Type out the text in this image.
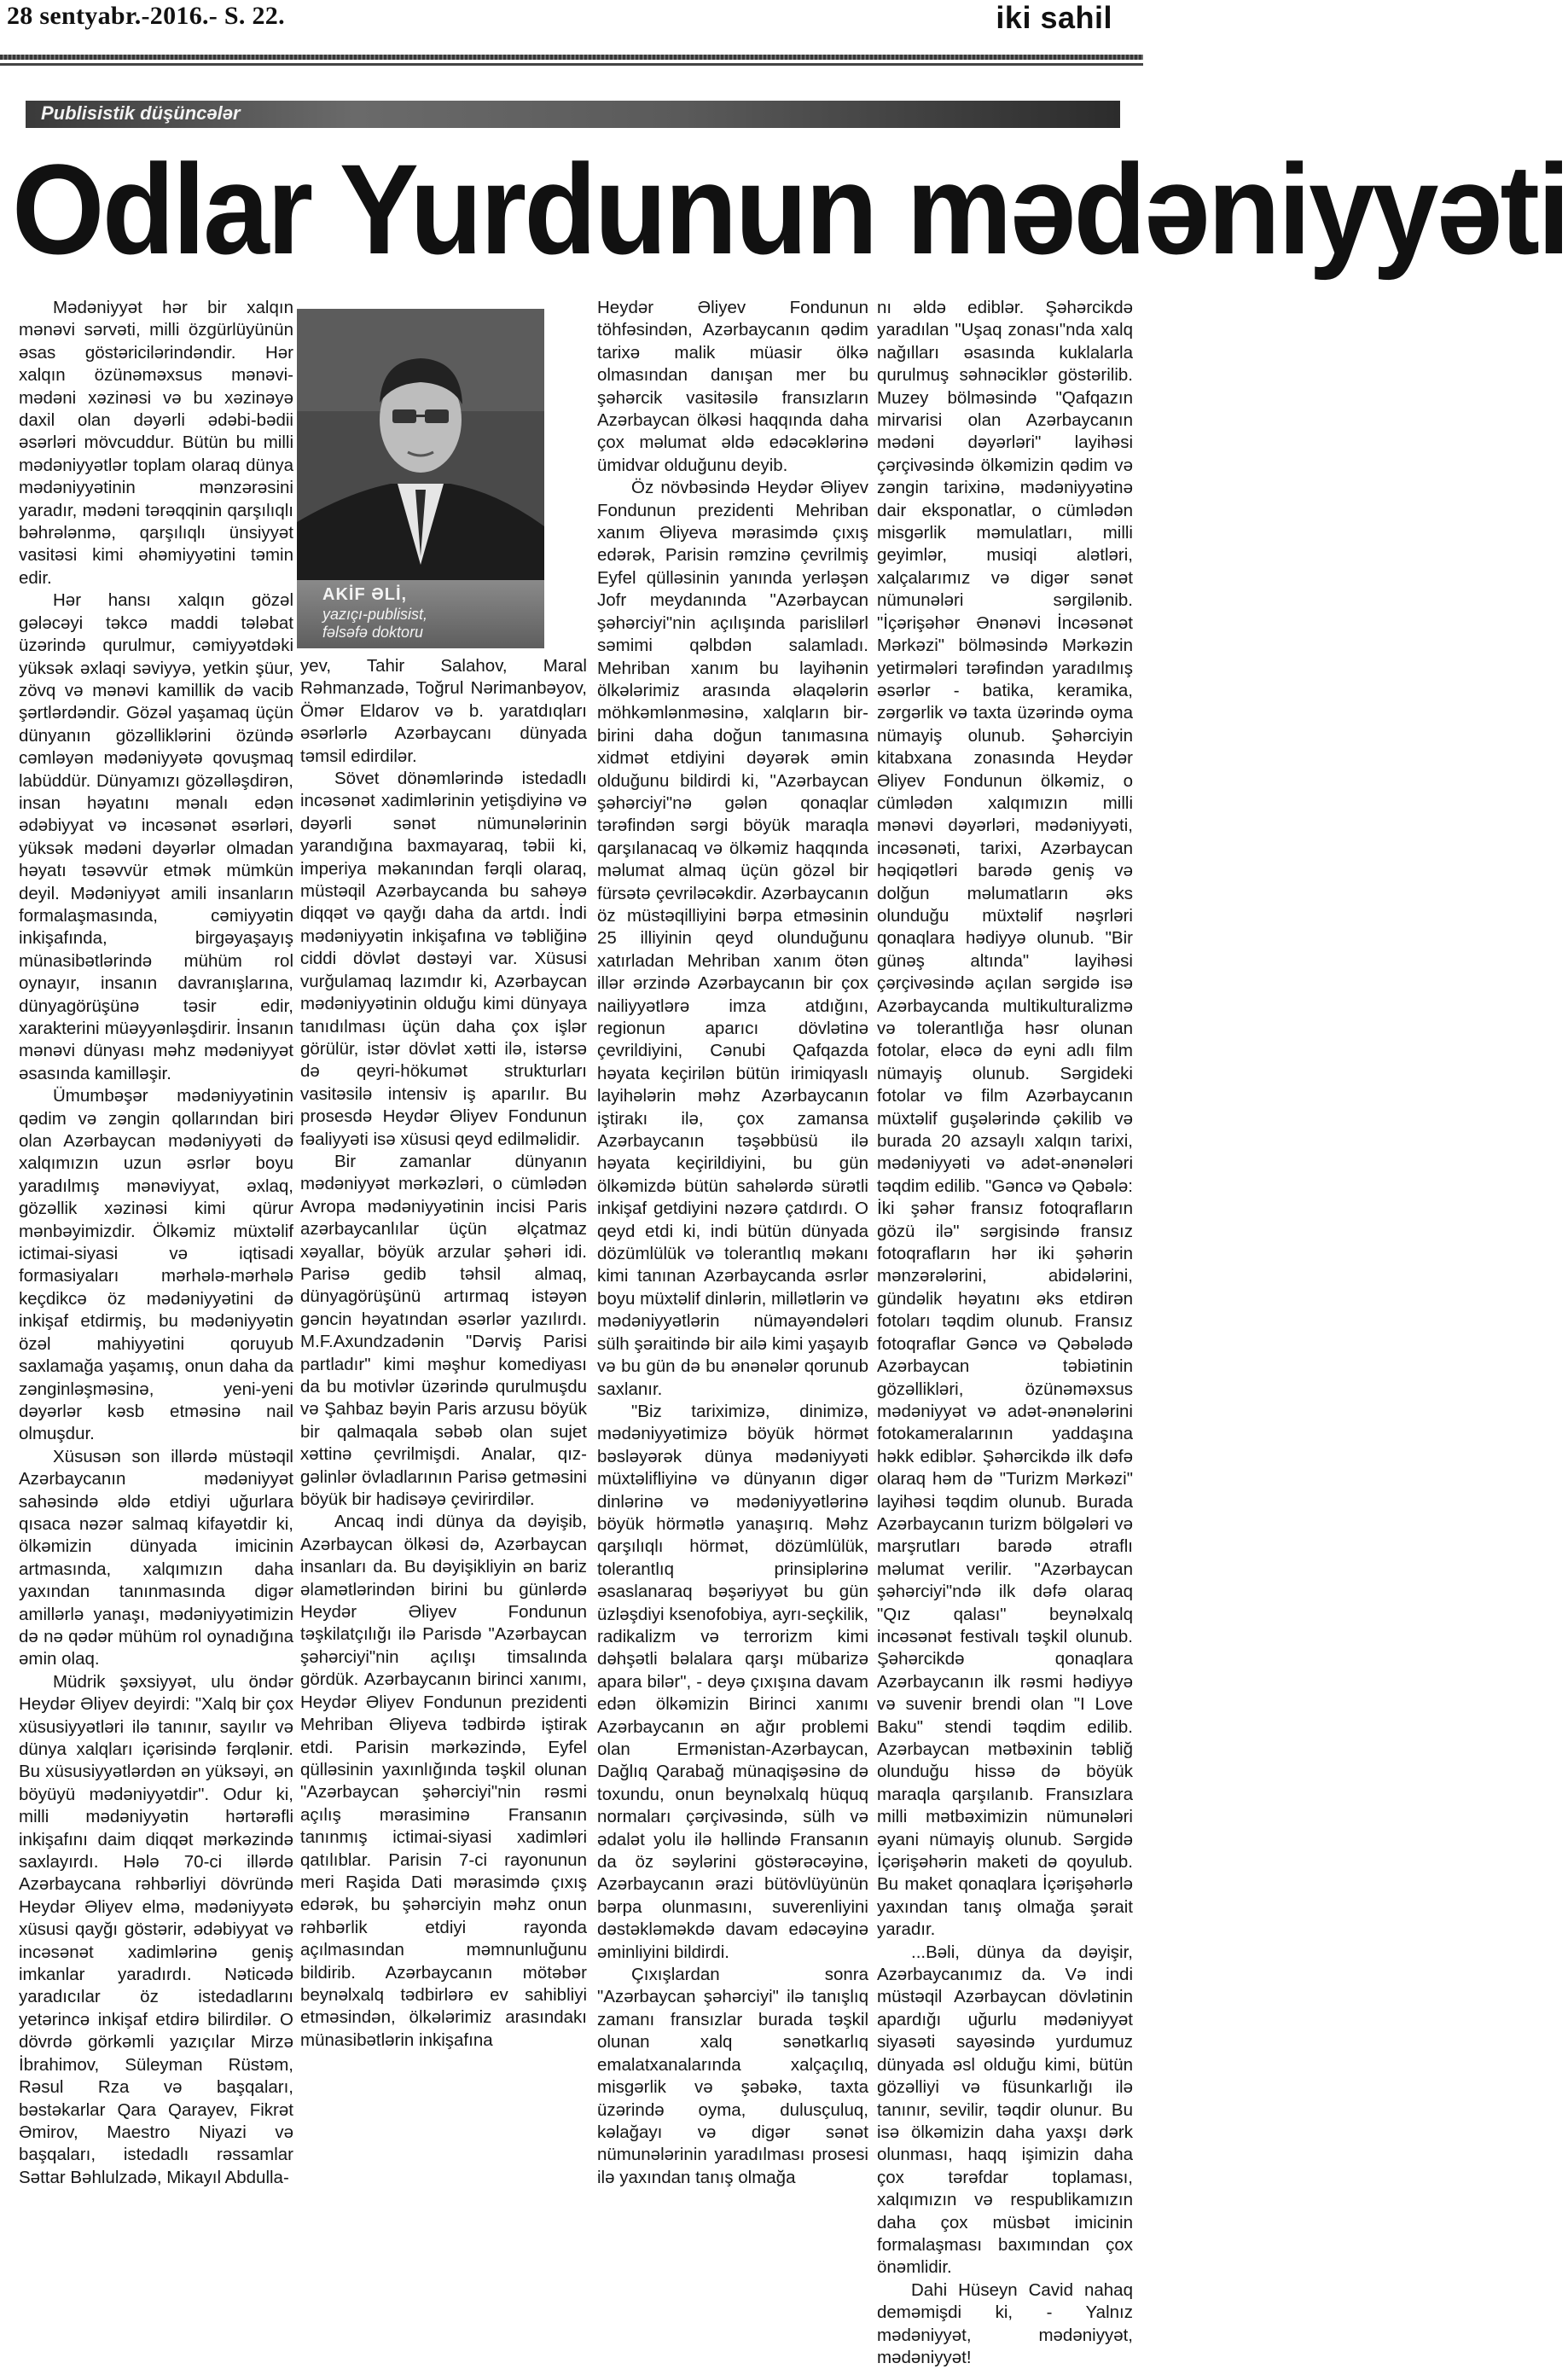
28 sentyabr.-2016.- S. 22.	iki sahil
Publisistik düşüncələr
Odlar Yurdunun mədəniyyəti

Mədəniyyət hər bir xalqın mənəvi sərvəti, milli özgürlüyünün əsas göstəricilərindəndir. Hər xalqın özünəməxsus mənəvi-mədəni xəzinəsi və bu xəzinəyə daxil olan dəyərli ədəbi-bədii əsərləri mövcuddur. Bütün bu milli mədəniyyətlər toplam olaraq dünya mədəniyyətinin mənzərəsini yaradır, mədəni tərəqqinin qarşılıqlı bəhrələnmə, qarşılıqlı ünsiyyət vasitəsi kimi əhəmiyyətini təmin edir.

Hər hansı xalqın gözəl gələcəyi təkcə maddi tələbat üzərində qurulmur, cəmiyyətdəki yüksək əxlaqi səviyyə, yetkin şüur, zövq və mənəvi kamillik də vacib şərtlərdəndir. Gözəl yaşamaq üçün dünyanın gözəlliklərini özündə cəmləyən mədəniyyətə qovuşmaq labüddür. Dünyamızı gözəlləşdirən, insan həyatını mənalı edən ədəbiyyat və incəsənət əsərləri, yüksək mədəni dəyərlər olmadan həyatı təsəvvür etmək mümkün deyil. Mədəniyyət amili insanların formalaşmasında, cəmiyyətin inkişafında, birgəyaşayış münasibətlərində mühüm rol oynayır, insanın davranışlarına, dünyagörüşünə təsir edir, xarakterini müəyyənləşdirir. İnsanın mənəvi dünyası məhz mədəniyyət əsasında kamilləşir.

Ümumbəşər mədəniyyətinin qədim və zəngin qollarından biri olan Azərbaycan mədəniyyəti də xalqımızın uzun əsrlər boyu yaradılmış mənəviyyat, əxlaq, gözəllik xəzinəsi kimi qürur mənbəyimizdir. Ölkəmiz müxtəlif ictimai-siyasi və iqtisadi formasiyaları mərhələ-mərhələ keçdikcə öz mədəniyyətini də inkişaf etdirmiş, bu mədəniyyətin özəl mahiyyətini qoruyub saxlamağa yaşamış, onun daha da zənginləşməsinə, yeni-yeni dəyərlər kəsb etməsinə nail olmuşdur.

Xüsusən son illərdə müstəqil Azərbaycanın mədəniyyət sahəsində əldə etdiyi uğurlara qısaca nəzər salmaq kifayətdir ki, ölkəmizin dünyada imicinin artmasında, xalqımızın daha yaxından tanınmasında digər amillərlə yanaşı, mədəniyyətimizin də nə qədər mühüm rol oynadığına əmin olaq.

Müdrik şəxsiyyət, ulu öndər Heydər Əliyev deyirdi: "Xalq bir çox xüsusiyyətləri ilə tanınır, sayılır və dünya xalqları içərisində fərqlənir. Bu xüsusiyyətlərdən ən yüksəyi, ən böyüyü mədəniyyətdir". Odur ki, milli mədəniyyətin hərtərəfli inkişafını daim diqqət mərkəzində saxlayırdı. Hələ 70-ci illərdə Azərbaycana rəhbərliyi dövründə Heydər Əliyev elmə, mədəniyyətə xüsusi qayğı göstərir, ədəbiyyat və incəsənət xadimlərinə geniş imkanlar yaradırdı. Nəticədə yaradıcılar öz istedadlarını yetərincə inkişaf etdirə bilirdilər. O dövrdə görkəmli yazıçılar Mirzə İbrahimov, Süleyman Rüstəm, Rəsul Rza və başqaları, bəstəkarlar Qara Qarayev, Fikrət Əmirov, Maestro Niyazi və başqaları, istedadlı rəssamlar Səttar Bəhlulzadə, Mikayıl Abdulla-

AKİF ƏLİ,
yazıçı-publisist,
fəlsəfə doktoru

yev, Tahir Salahov, Maral Rəhmanzadə, Toğrul Nərimanbəyov, Ömər Eldarov və b. yaratdıqları əsərlərlə Azərbaycanı dünyada təmsil edirdilər.

Sövet dönəmlərində istedadlı incəsənət xadimlərinin yetişdiyinə və dəyərli sənət nümunələrinin yarandığına baxmayaraq, təbii ki, imperiya məkanından fərqli olaraq, müstəqil Azərbaycanda bu sahəyə diqqət və qayğı daha da artdı. İndi mədəniyyətin inkişafına və təbliğinə ciddi dövlət dəstəyi var. Xüsusi vurğulamaq lazımdır ki, Azərbaycan mədəniyyətinin olduğu kimi dünyaya tanıdılması üçün daha çox işlər görülür, istər dövlət xətti ilə, istərsə də qeyri-hökumət strukturları vasitəsilə intensiv iş aparılır. Bu prosesdə Heydər Əliyev Fondunun fəaliyyəti isə xüsusi qeyd edilməlidir.

Bir zamanlar dünyanın mədəniyyət mərkəzləri, o cümlədən Avropa mədəniyyətinin incisi Paris azərbaycanlılar üçün əlçatmaz xəyallar, böyük arzular şəhəri idi. Parisə gedib təhsil almaq, dünyagörüşünü artırmaq istəyən gəncin həyatından əsərlər yazılırdı. M.F.Axundzadənin "Dərviş Parisi partladır" kimi məşhur komediyası da bu motivlər üzərində qurulmuşdu və Şahbaz bəyin Paris arzusu böyük bir qalmaqala səbəb olan sujet xəttinə çevrilmişdi. Analar, qız-gəlinlər övladlarının Parisə getməsini böyük bir hadisəyə çevirirdilər.

Ancaq indi dünya da dəyişib, Azərbaycan ölkəsi də, Azərbaycan insanları da. Bu dəyişikliyin ən bariz əlamətlərindən birini bu günlərdə Heydər Əliyev Fondunun təşkilatçılığı ilə Parisdə "Azərbaycan şəhərciyi"nin açılışı timsalında gördük. Azərbaycanın birinci xanımı, Heydər Əliyev Fondunun prezidenti Mehriban Əliyeva tədbirdə iştirak etdi. Parisin mərkəzində, Eyfel qülləsinin yaxınlığında təşkil olunan "Azərbaycan şəhərciyi"nin rəsmi açılış mərasiminə Fransanın tanınmış ictimai-siyasi xadimləri qatılıblar. Parisin 7-ci rayonunun meri Raşida Dati mərasimdə çıxış edərək, bu şəhərciyin məhz onun rəhbərlik etdiyi rayonda açılmasından məmnunluğunu bildirib. Azərbaycanın mötəbər beynəlxalq tədbirlərə ev sahibliyi etməsindən, ölkələrimiz arasındakı münasibətlərin inkişafına

Heydər Əliyev Fondunun töhfəsindən, Azərbaycanın qədim tarixə malik müasir ölkə olmasından danışan mer bu şəhərcik vasitəsilə fransızların Azərbaycan ölkəsi haqqında daha çox məlumat əldə edəcəklərinə ümidvar olduğunu deyib.

Öz növbəsində Heydər Əliyev Fondunun prezidenti Mehriban xanım Əliyeva mərasimdə çıxış edərək, Parisin rəmzinə çevrilmiş Eyfel qülləsinin yanında yerləşən Jofr meydanında "Azərbaycan şəhərciyi"nin açılışında parislilərl səmimi qəlbdən salamladı. Mehriban xanım bu layihənin ölkələrimiz arasında əlaqələrin möhkəmlənməsinə, xalqların bir-birini daha doğun tanımasına xidmət etdiyini dəyərək əmin olduğunu bildirdi ki, "Azərbaycan şəhərciyi"nə gələn qonaqlar tərəfindən sərgi böyük maraqla qarşılanacaq və ölkəmiz haqqında məlumat almaq üçün gözəl bir fürsətə çevriləcəkdir. Azərbaycanın öz müstəqilliyini bərpa etməsinin 25 illiyinin qeyd olunduğunu xatırladan Mehriban xanım ötən illər ərzində Azərbaycanın bir çox nailiyyətlərə imza atdığını, regionun aparıcı dövlətinə çevrildiyini, Cənubi Qafqazda həyata keçirilən bütün irimiqyaslı layihələrin məhz Azərbaycanın iştirakı ilə, çox zamansa Azərbaycanın təşəbbüsü ilə həyata keçirildiyini, bu gün ölkəmizdə bütün sahələrdə sürətli inkişaf getdiyini nəzərə çatdırdı. O qeyd etdi ki, indi bütün dünyada dözümlülük və tolerantlıq məkanı kimi tanınan Azərbaycanda əsrlər boyu müxtəlif dinlərin, millətlərin və mədəniyyətlərin nümayəndələri sülh şəraitində bir ailə kimi yaşayıb və bu gün də bu ənənələr qorunub saxlanır.

"Biz tariximizə, dinimizə, mədəniyyətimizə böyük hörmət bəsləyərək dünya mədəniyyəti müxtəlifliyinə və dünyanın digər dinlərinə və mədəniyyətlərinə böyük hörmətlə yanaşırıq. Məhz qarşılıqlı hörmət, dözümlülük, tolerantlıq prinsiplərinə əsaslanaraq bəşəriyyət bu gün üzləşdiyi ksenofobiya, ayrı-seçkilik, radikalizm və terrorizm kimi dəhşətli bəlalara qarşı mübarizə apara bilər", - deyə çıxışına davam edən ölkəmizin Birinci xanımı Azərbaycanın ən ağır problemi olan Ermənistan-Azərbaycan, Dağlıq Qarabağ münaqişəsinə də toxundu, onun beynəlxalq hüquq normaları çərçivəsində, sülh və ədalət yolu ilə həllində Fransanın da öz səylərini göstərəcəyinə, Azərbaycanın ərazi bütövlüyünün bərpa olunmasını, suverenliyini dəstəkləməkdə davam edəcəyinə əminliyini bildirdi.

Çıxışlardan sonra "Azərbaycan şəhərciyi" ilə tanışlıq zamanı fransızlar burada təşkil olunan xalq sənətkarlıq emalatxanalarında xalçaçılıq, misgərlik və şəbəkə, taxta üzərində oyma, dulusçuluq, kəlağayı və digər sənət nümunələrinin yaradılması prosesi ilə yaxından tanış olmağa

nı əldə ediblər. Şəhərcikdə yaradılan "Uşaq zonası"nda xalq nağılları əsasında kuklalarla qurulmuş səhnəciklər göstərilib. Muzey bölməsində "Qafqazın mirvarisi olan Azərbaycanın mədəni dəyərləri" layihəsi çərçivəsində ölkəmizin qədim və zəngin tarixinə, mədəniyyətinə dair eksponatlar, o cümlədən misgərlik məmulatları, milli geyimlər, musiqi alətləri, xalçalarımız və digər sənət nümunələri sərgilənib. "İçərişəhər Ənənəvi İncəsənət Mərkəzi" bölməsində Mərkəzin yetirmələri tərəfindən yaradılmış əsərlər - batika, keramika, zərgərlik və taxta üzərində oyma nümayiş olunub. Şəhərciyin kitabxana zonasında Heydər Əliyev Fondunun ölkəmiz, o cümlədən xalqımızın milli mənəvi dəyərləri, mədəniyyəti, incəsənəti, tarixi, Azərbaycan həqiqətləri barədə geniş və dolğun məlumatların əks olunduğu müxtəlif nəşrləri qonaqlara hədiyyə olunub. "Bir günəş altında" layihəsi çərçivəsində açılan sərgidə isə Azərbaycanda multikulturalizmə və tolerantlığa həsr olunan fotolar, eləcə də eyni adlı film nümayiş olunub. Sərgideki fotolar və film Azərbaycanın müxtəlif guşələrində çəkilib və burada 20 azsaylı xalqın tarixi, mədəniyyəti və adət-ənənələri təqdim edilib. "Gəncə və Qəbələ: İki şəhər fransız fotoqrafların gözü ilə" sərgisində fransız fotoqrafların hər iki şəhərin mənzərələrini, abidələrini, gündəlik həyatını əks etdirən fotoları təqdim olunub. Fransız fotoqraflar Gəncə və Qəbələdə Azərbaycan təbiətinin gözəllikləri, özünəməxsus mədəniyyət və adət-ənənələrini fotokameralarının yaddaşına həkk ediblər. Şəhərcikdə ilk dəfə olaraq həm də "Turizm Mərkəzi" layihəsi təqdim olunub. Burada Azərbaycanın turizm bölgələri və marşrutları barədə ətraflı məlumat verilir. "Azərbaycan şəhərciyi"ndə ilk dəfə olaraq "Qız qalası" beynəlxalq incəsənət festivalı təşkil olunub. Şəhərcikdə qonaqlara Azərbaycanın ilk rəsmi hədiyyə və suvenir brendi olan "I Love Baku" stendi təqdim edilib. Azərbaycan mətbəxinin təbliğ olunduğu hissə də böyük maraqla qarşılanıb. Fransızlara milli mətbəximizin nümunələri əyani nümayiş olunub. Sərgidə İçərişəhərin maketi də qoyulub. Bu maket qonaqlara İçərişəhərlə yaxından tanış olmağa şərait yaradır.

...Bəli, dünya da dəyişir, Azərbaycanımız da. Və indi müstəqil Azərbaycan dövlətinin apardığı uğurlu mədəniyyət siyasəti sayəsində yurdumuz dünyada əsl olduğu kimi, bütün gözəlliyi və füsunkarlığı ilə tanınır, sevilir, təqdir olunur. Bu isə ölkəmizin daha yaxşı dərk olunması, haqq işimizin daha çox tərəfdar toplaması, xalqımızın və respublikamızın daha çox müsbət imicinin formalaşması baxımından çox önəmlidir.

Dahi Hüseyn Cavid nahaq deməmişdi ki, - Yalnız mədəniyyət, mədəniyyət, mədəniyyət!
